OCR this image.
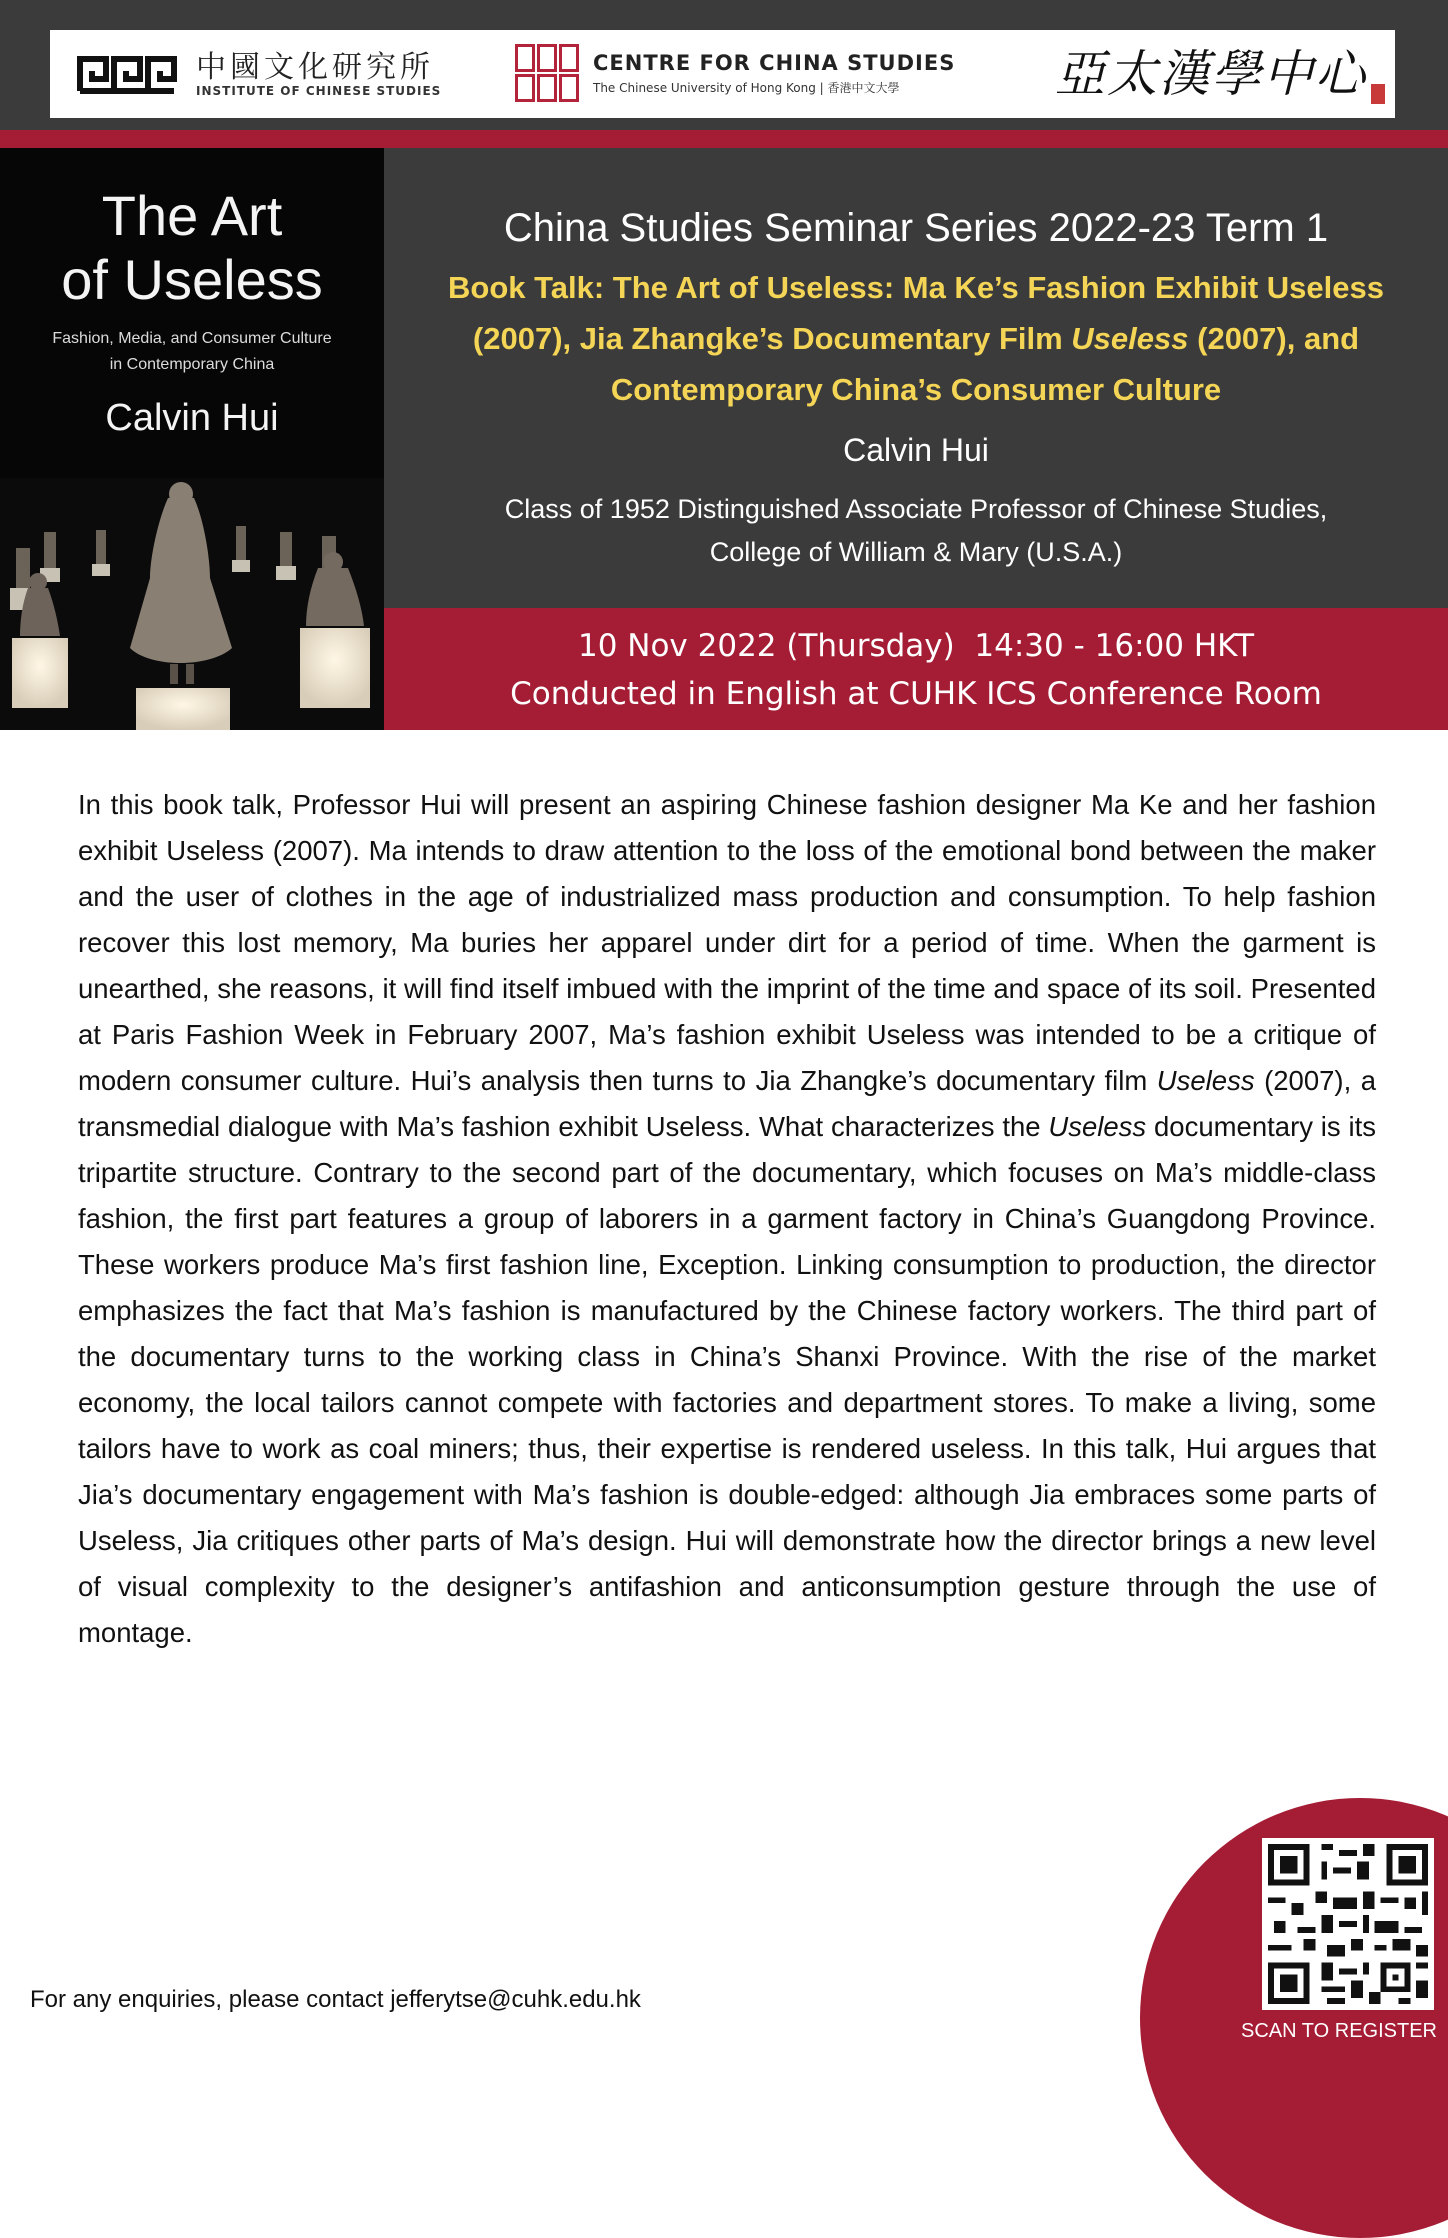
中國文化研究所
INSTITUTE OF CHINESE STUDIES
CENTRE FOR CHINA STUDIES
The Chinese University of Hong Kong | 香港中文大學	亞太漢學中心
The Art
of Useless
Fashion, Media, and Consumer Culture
in Contemporary China
Calvin Hui
China Studies Seminar Series 2022-23 Term 1
Book Talk: The Art of Useless: Ma Ke’s Fashion Exhibit Useless (2007), Jia Zhangke’s Documentary Film Useless (2007), and Contemporary China’s Consumer Culture
Calvin Hui
Class of 1952 Distinguished Associate Professor of Chinese Studies,
College of William & Mary (U.S.A.)
10 Nov 2022 (Thursday)  14:30 - 16:00 HKT
Conducted in English at CUHK ICS Conference Room

In this book talk, Professor Hui will present an aspiring Chinese fashion designer Ma Ke and her fashion exhibit Useless (2007). Ma intends to draw attention to the loss of the emotional bond between the maker and the user of clothes in the age of industrialized mass production and consumption. To help fashion recover this lost memory, Ma buries her apparel under dirt for a period of time. When the garment is unearthed, she reasons, it will find itself imbued with the imprint of the time and space of its soil. Presented at Paris Fashion Week in February 2007, Ma’s fashion exhibit Useless was intended to be a critique of modern consumer culture. Hui’s analysis then turns to Jia Zhangke’s documentary film Useless (2007), a transmedial dialogue with Ma’s fashion exhibit Useless. What characterizes the Useless documentary is its tripartite structure. Contrary to the second part of the documentary, which focuses on Ma’s middle-class fashion, the first part features a group of laborers in a garment factory in China’s Guangdong Province. These workers produce Ma’s first fashion line, Exception. Linking consumption to production, the director emphasizes the fact that Ma’s fashion is manufactured by the Chinese factory workers. The third part of the documentary turns to the working class in China’s Shanxi Province. With the rise of the market economy, the local tailors cannot compete with factories and department stores. To make a living, some tailors have to work as coal miners; thus, their expertise is rendered useless. In this talk, Hui argues that Jia’s documentary engagement with Ma’s fashion is double-edged: although Jia embraces some parts of Useless, Jia critiques other parts of Ma’s design. Hui will demonstrate how the director brings a new level of visual complexity to the designer’s antifashion and anticonsumption gesture through the use of montage.

For any enquiries, please contact jefferytse@cuhk.edu.hk
SCAN TO REGISTER
